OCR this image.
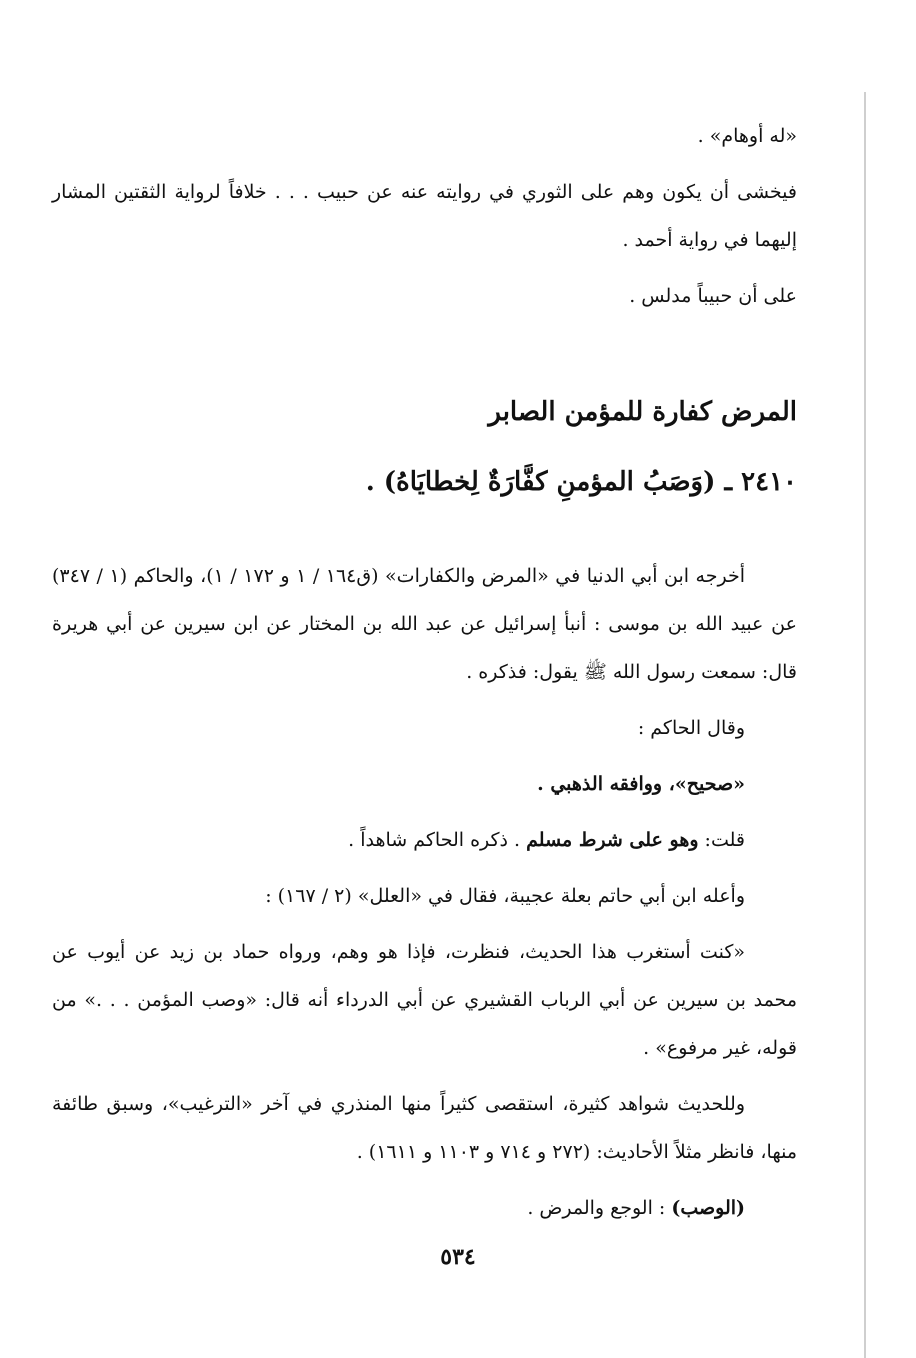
«له أوهام» .

فيخشى أن يكون وهم على الثوري في روايته عنه عن حبيب . . . خلافاً لرواية الثقتين المشار إليهما في رواية أحمد .

على أن حبيباً مدلس .

المرض كفارة للمؤمن الصابر
٢٤١٠ ـ (وَصَبُ المؤمنِ كفَّارَةٌ لِخطايَاهُ) .

أخرجه ابن أبي الدنيا في «المرض والكفارات» (ق١٦٤ / ١ و ١٧٢ / ١)، والحاكم (١ / ٣٤٧) عن عبيد الله بن موسى : أنبأ إسرائيل عن عبد الله بن المختار عن ابن سيرين عن أبي هريرة قال: سمعت رسول الله ﷺ يقول: فذكره .

وقال الحاكم :

«صحيح»، ووافقه الذهبي .

قلت: وهو على شرط مسلم . ذكره الحاكم شاهداً .

وأعله ابن أبي حاتم بعلة عجيبة، فقال في «العلل» (٢ / ١٦٧) :

«كنت أستغرب هذا الحديث، فنظرت، فإذا هو وهم، ورواه حماد بن زيد عن أيوب عن محمد بن سيرين عن أبي الرباب القشيري عن أبي الدرداء أنه قال: «وصب المؤمن . . .» من قوله، غير مرفوع» .

وللحديث شواهد كثيرة، استقصى كثيراً منها المنذري في آخر «الترغيب»، وسبق طائفة منها، فانظر مثلاً الأحاديث: (٢٧٢ و ٧١٤ و ١١٠٣ و ١٦١١) .

(الوصب) : الوجع والمرض .

٥٣٤
